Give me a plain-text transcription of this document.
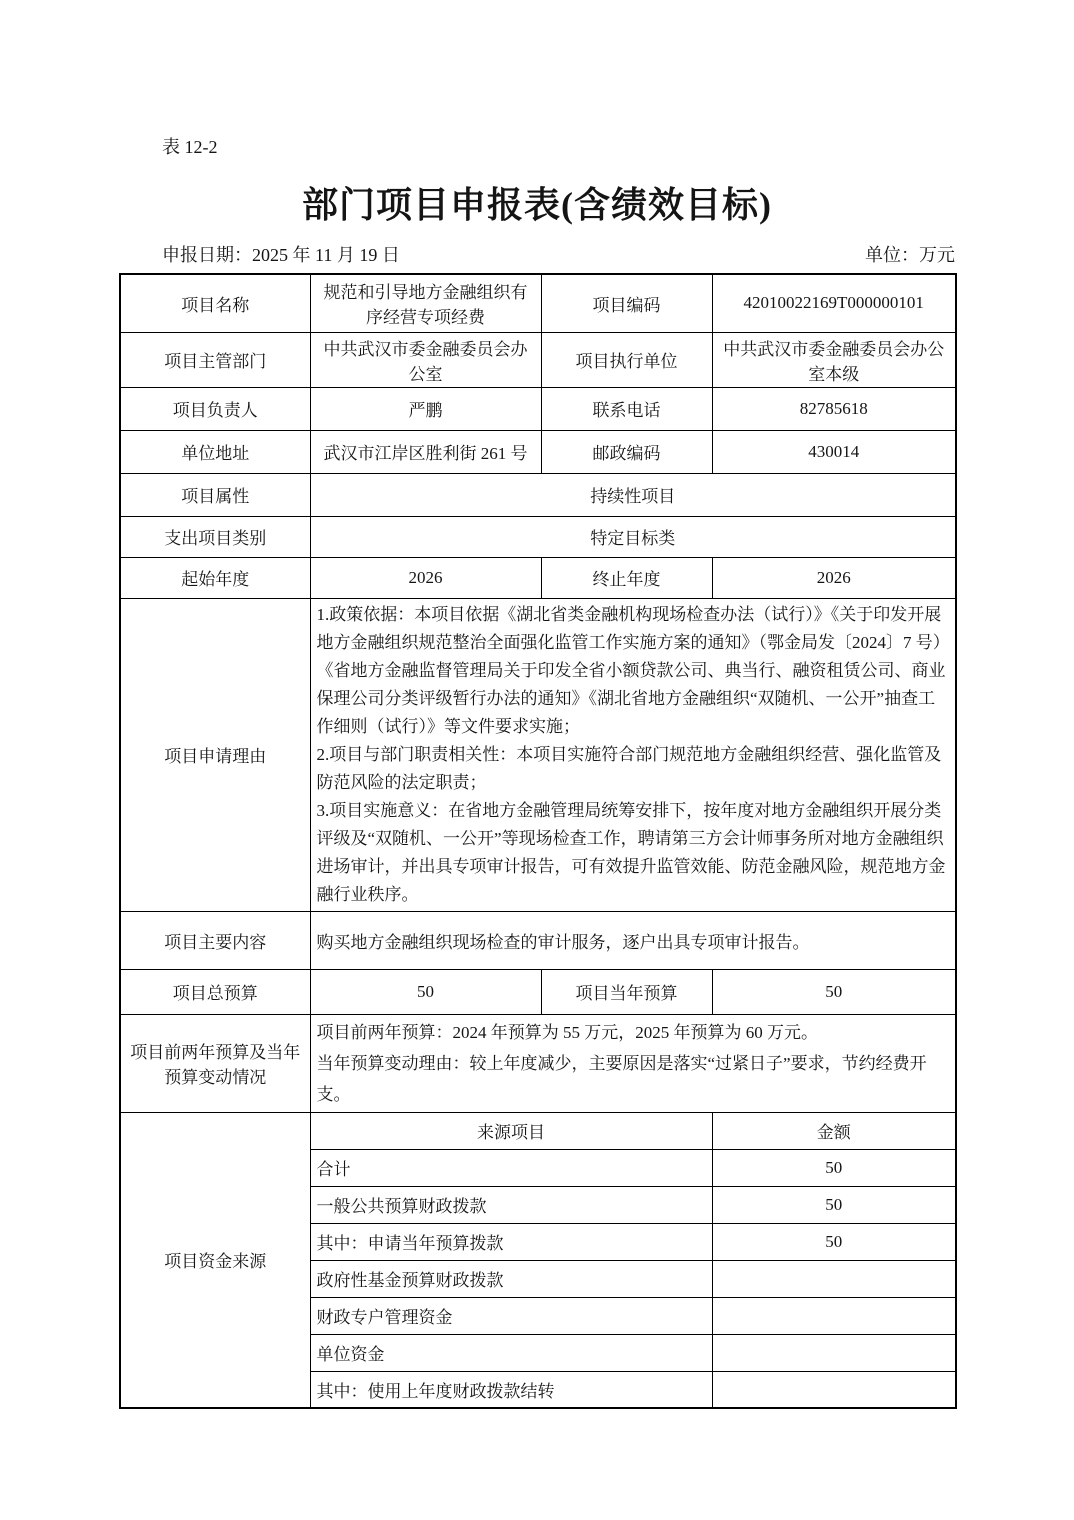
表 12-2
部门项目申报表(含绩效目标)
申报日期：2025 年 11 月 19 日	单位：万元
项目名称	规范和引导地方金融组织有序经营专项经费	项目编码	42010022169T000000101
项目主管部门	中共武汉市委金融委员会办公室	项目执行单位	中共武汉市委金融委员会办公室本级
项目负责人	严鹏	联系电话	82785618
单位地址	武汉市江岸区胜利街 261 号	邮政编码	430014
项目属性	持续性项目		
支出项目类别	特定目标类		
起始年度	2026	终止年度	2026
项目申请理由	1.政策依据：本项目依据《湖北省类金融机构现场检查办法（试行）》《关于印发开展地方金融组织规范整治全面强化监管工作实施方案的通知》（鄂金局发〔2024〕7 号）《省地方金融监督管理局关于印发全省小额贷款公司、典当行、融资租赁公司、商业保理公司分类评级暂行办法的通知》《湖北省地方金融组织“双随机、一公开”抽查工作细则（试行）》等文件要求实施；

2.项目与部门职责相关性：本项目实施符合部门规范地方金融组织经营、强化监管及防范风险的法定职责；

3.项目实施意义：在省地方金融管理局统筹安排下，按年度对地方金融组织开展分类评级及“双随机、一公开”等现场检查工作，聘请第三方会计师事务所对地方金融组织进场审计，并出具专项审计报告，可有效提升监管效能、防范金融风险，规范地方金融行业秩序。		

项目主要内容	购买地方金融组织现场检查的审计服务，逐户出具专项审计报告。		
项目总预算	50	项目当年预算	50
项目前两年预算及当年预算变动情况	项目前两年预算：2024 年预算为 55 万元，2025 年预算为 60 万元。

当年预算变动理由：较上年度减少，主要原因是落实“过紧日子”要求，节约经费开支。		

项目资金来源	来源项目		金额
	合计		50
	一般公共预算财政拨款		50
	其中：申请当年预算拨款		50
	政府性基金预算财政拨款		
	财政专户管理资金		
	单位资金		
	其中：使用上年度财政拨款结转		
